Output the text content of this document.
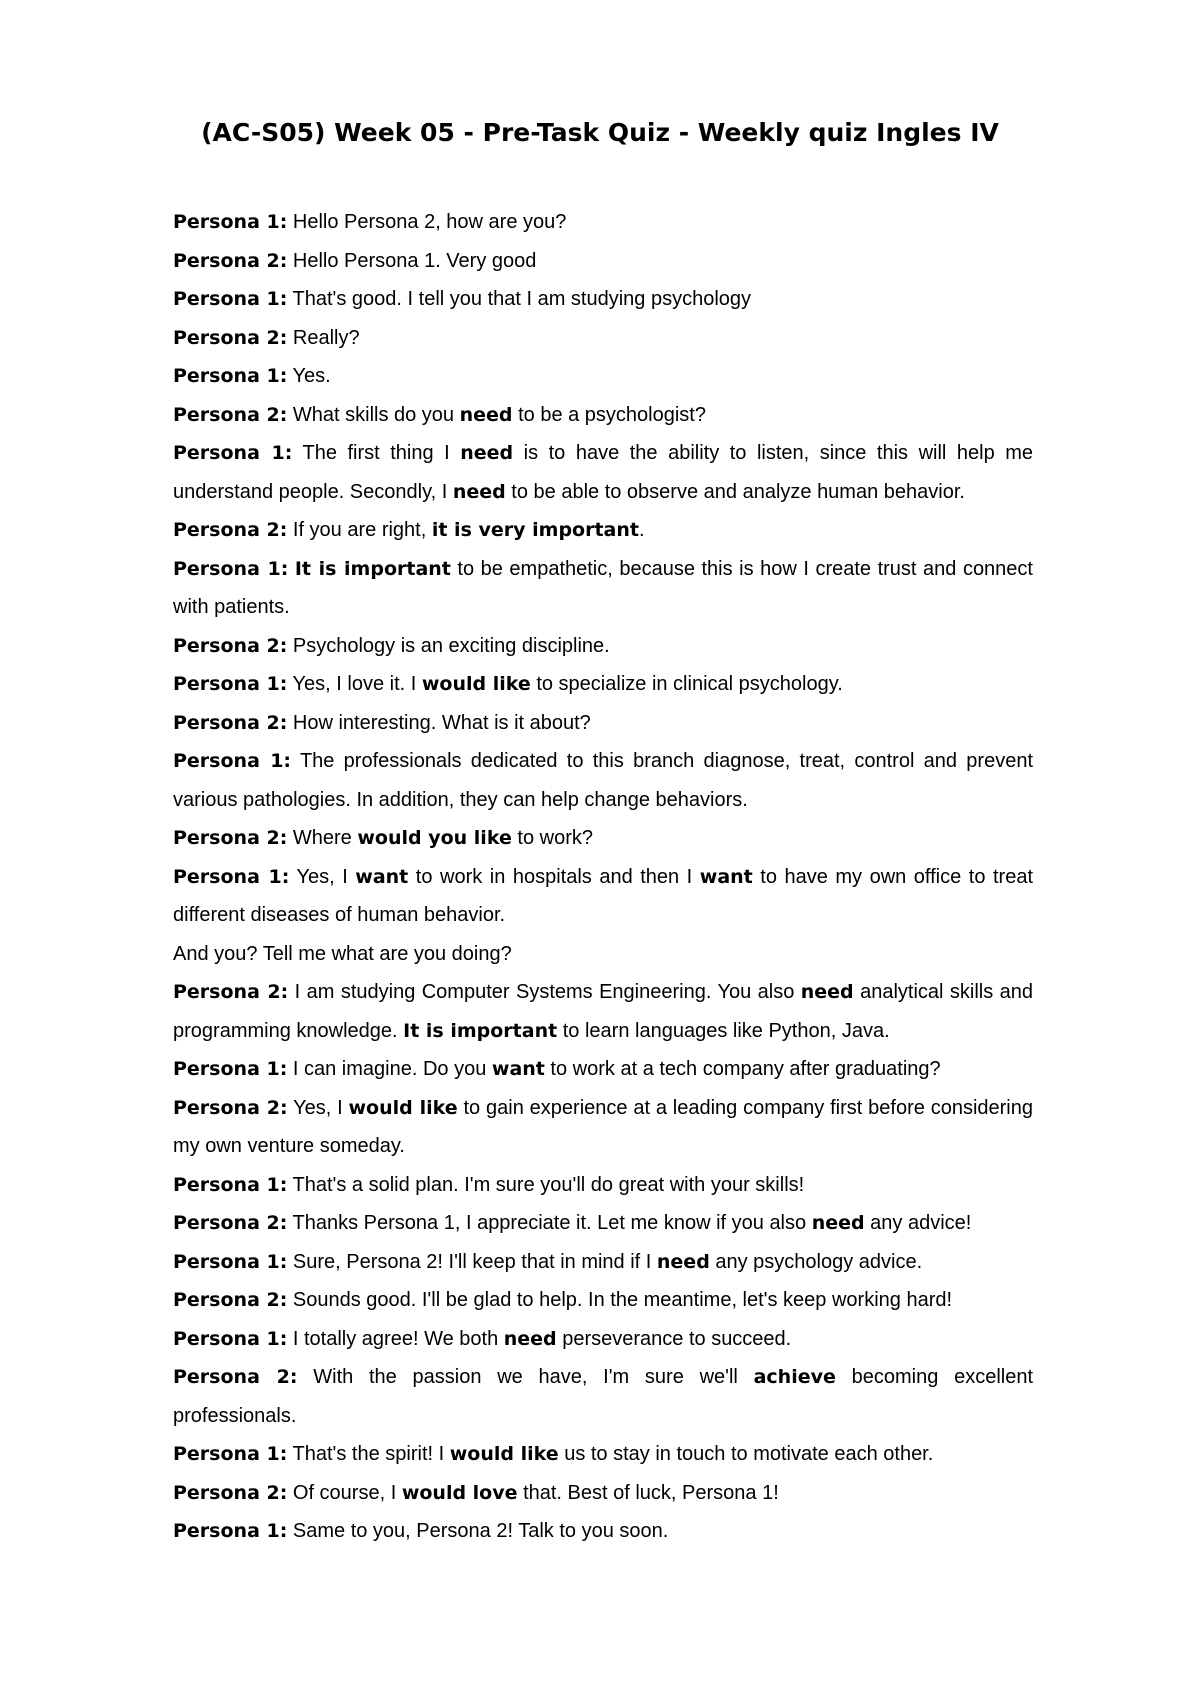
(AC-S05) Week 05 - Pre-Task Quiz - Weekly quiz Ingles IV

Persona 1: Hello Persona 2, how are you?

Persona 2: Hello Persona 1. Very good

Persona 1: That's good. I tell you that I am studying psychology

Persona 2: Really?

Persona 1: Yes.

Persona 2: What skills do you need to be a psychologist?

Persona 1: The first thing I need is to have the ability to listen, since this will help me understand people. Secondly, I need to be able to observe and analyze human behavior.

Persona 2: If you are right, it is very important.

Persona 1: It is important to be empathetic, because this is how I create trust and connect with patients.

Persona 2: Psychology is an exciting discipline.

Persona 1: Yes, I love it. I would like to specialize in clinical psychology.

Persona 2: How interesting. What is it about?

Persona 1: The professionals dedicated to this branch diagnose, treat, control and prevent various pathologies. In addition, they can help change behaviors.

Persona 2: Where would you like to work?

Persona 1: Yes, I want to work in hospitals and then I want to have my own office to treat different diseases of human behavior.

And you? Tell me what are you doing?

Persona 2: I am studying Computer Systems Engineering. You also need analytical skills and programming knowledge. It is important to learn languages like Python, Java.

Persona 1: I can imagine. Do you want to work at a tech company after graduating?

Persona 2: Yes, I would like to gain experience at a leading company first before considering my own venture someday.

Persona 1: That's a solid plan. I'm sure you'll do great with your skills!

Persona 2: Thanks Persona 1, I appreciate it. Let me know if you also need any advice!

Persona 1: Sure, Persona 2! I'll keep that in mind if I need any psychology advice.

Persona 2: Sounds good. I'll be glad to help. In the meantime, let's keep working hard!

Persona 1: I totally agree! We both need perseverance to succeed.

Persona 2: With the passion we have, I'm sure we'll achieve becoming excellent professionals.

Persona 1: That's the spirit! I would like us to stay in touch to motivate each other.

Persona 2: Of course, I would love that. Best of luck, Persona 1!

Persona 1: Same to you, Persona 2! Talk to you soon.
